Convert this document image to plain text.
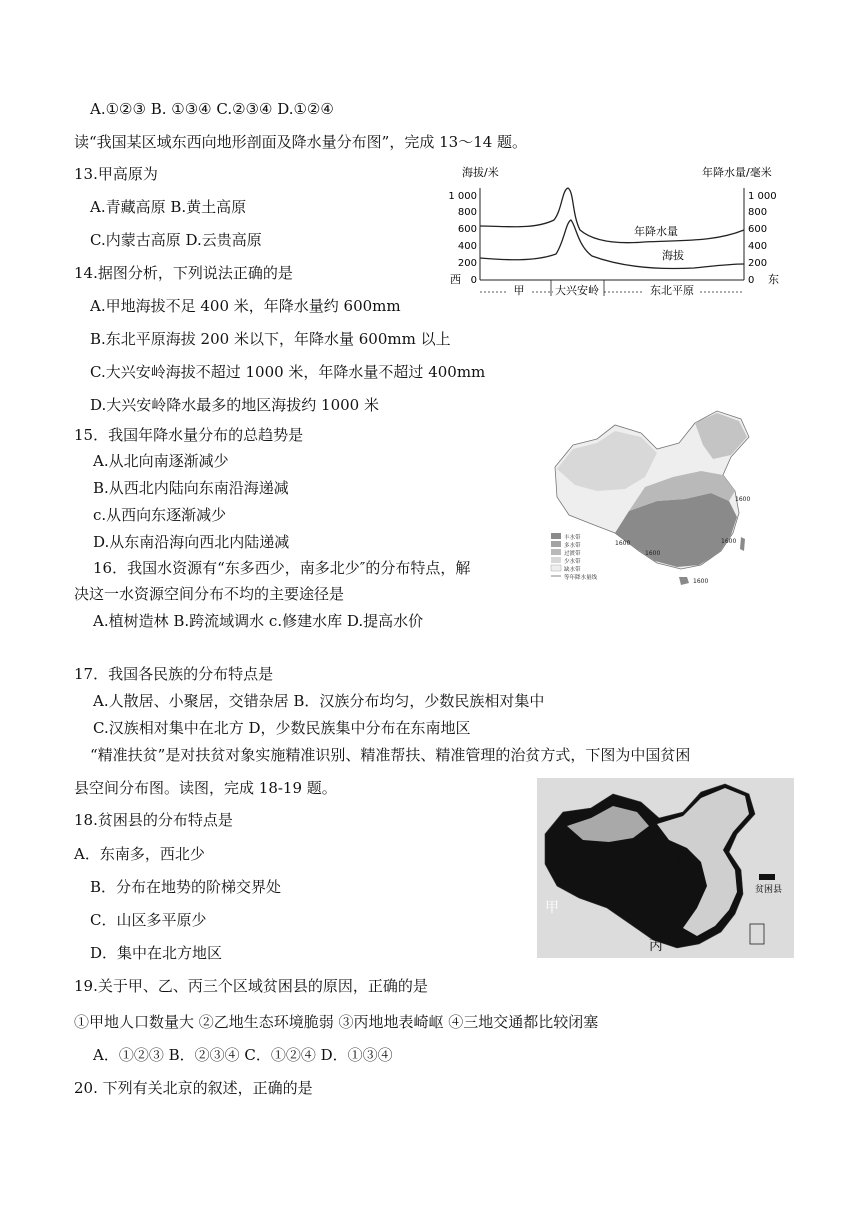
A.①②③ B. ①③④ C.②③④ D.①②④
读“我国某区域东西向地形剖面及降水量分布图”，完成 13～14 题。
13.甲高原为
A.青藏高原 B.黄土高原
C.内蒙古高原 D.云贵高原
14.据图分析，下列说法正确的是
A.甲地海拔不足 400 米，年降水量约 600mm
B.东北平原海拔 200 米以下，年降水量 600mm 以上
C.大兴安岭海拔不超过 1000 米，年降水量不超过 400mm
D.大兴安岭降水最多的地区海拔约 1000 米
15．我国年降水量分布的总趋势是
A.从北向南逐渐减少
B.从西北内陆向东南沿海递减
c.从西向东逐渐减少
D.从东南沿海向西北内陆递减
16．我国水资源有“东多西少，南多北少″的分布特点，解
决这一水资源空间分布不均的主要途径是
A.植树造林 B.跨流域调水 c.修建水库 D.提高水价
17．我国各民族的分布特点是
A.人散居、小聚居，交错杂居 B．汉族分布均匀，少数民族相对集中
C.汉族相对集中在北方 D，少数民族集中分布在东南地区
“精准扶贫”是对扶贫对象实施精准识别、精准帮扶、精准管理的治贫方式，下图为中国贫困
县空间分布图。读图，完成 18-19 题。
18.贫困县的分布特点是
A．东南多，西北少
B．分布在地势的阶梯交界处
C．山区多平原少
D．集中在北方地区
19.关于甲、乙、丙三个区域贫困县的原因，正确的是
①甲地人口数量大 ②乙地生态环境脆弱 ③丙地地表崎岖 ④三地交通都比较闭塞
A．①②③ B．②③④ C．①②④ D．①③④
20. 下列有关北京的叙述，正确的是
海拔/米	年降水量/毫米
1 000
800
600
400
200
0
1 000
800
600
400
200
0
西	东
年降水量
海拔
甲	大兴安岭	东北平原
1600
1600
1600
1600
1600
丰水带
多水带
过渡带
少水带
缺水带
等年降水量线
贫困县
甲
乙
丙
